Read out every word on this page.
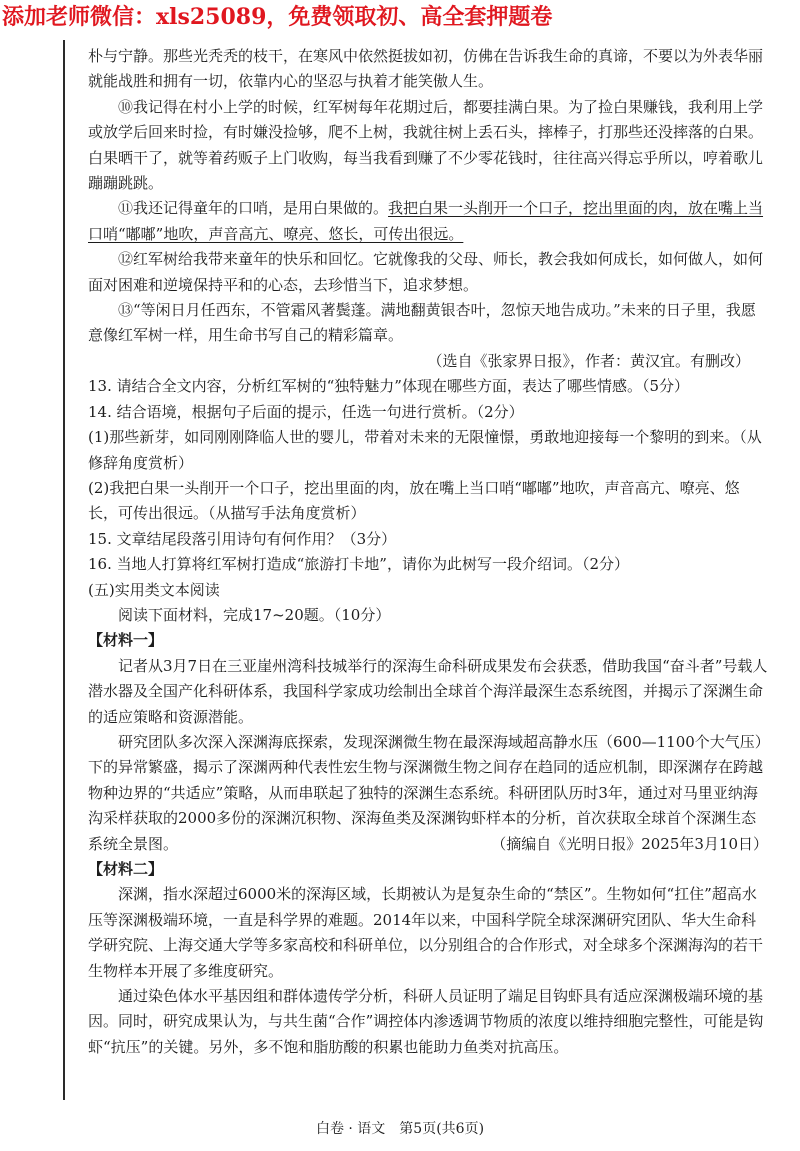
添加老师微信：xls25089，免费领取初、高全套押题卷

朴与宁静。那些光秃秃的枝干，在寒风中依然挺拔如初，仿佛在告诉我生命的真谛，不要以为外表华丽就能战胜和拥有一切，依靠内心的坚忍与执着才能笑傲人生。

⑩我记得在村小上学的时候，红军树每年花期过后，都要挂满白果。为了捡白果赚钱，我利用上学或放学后回来时捡，有时嫌没捡够，爬不上树，我就往树上丢石头，摔棒子，打那些还没摔落的白果。白果晒干了，就等着药贩子上门收购，每当我看到赚了不少零花钱时，往往高兴得忘乎所以，哼着歌儿蹦蹦跳跳。

⑪我还记得童年的口哨，是用白果做的。我把白果一头削开一个口子，挖出里面的肉，放在嘴上当口哨“嘟嘟”地吹，声音高亢、嘹亮、悠长，可传出很远。

⑫红军树给我带来童年的快乐和回忆。它就像我的父母、师长，教会我如何成长，如何做人，如何面对困难和逆境保持平和的心态，去珍惜当下，追求梦想。

⑬“等闲日月任西东，不管霜风著鬓蓬。满地翻黄银杏叶，忽惊天地告成功。”未来的日子里，我愿意像红军树一样，用生命书写自己的精彩篇章。

（选自《张家界日报》，作者：黄汉宜。有删改）

13. 请结合全文内容，分析红军树的“独特魅力”体现在哪些方面，表达了哪些情感。（5分）

14. 结合语境，根据句子后面的提示，任选一句进行赏析。（2分）

(1)那些新芽，如同刚刚降临人世的婴儿，带着对未来的无限憧憬，勇敢地迎接每一个黎明的到来。（从修辞角度赏析）

(2)我把白果一头削开一个口子，挖出里面的肉，放在嘴上当口哨“嘟嘟”地吹，声音高亢、嘹亮、悠长，可传出很远。（从描写手法角度赏析）

15. 文章结尾段落引用诗句有何作用？（3分）

16. 当地人打算将红军树打造成“旅游打卡地”，请你为此树写一段介绍词。（2分）

(五)实用类文本阅读

阅读下面材料，完成17~20题。（10分）

【材料一】

记者从3月7日在三亚崖州湾科技城举行的深海生命科研成果发布会获悉，借助我国“奋斗者”号载人潜水器及全国产化科研体系，我国科学家成功绘制出全球首个海洋最深生态系统图，并揭示了深渊生命的适应策略和资源潜能。

研究团队多次深入深渊海底探索，发现深渊微生物在最深海域超高静水压（600—1100个大气压）下的异常繁盛，揭示了深渊两种代表性宏生物与深渊微生物之间存在趋同的适应机制，即深渊存在跨越物种边界的“共适应”策略，从而串联起了独特的深渊生态系统。科研团队历时3年，通过对马里亚纳海沟采样获取的2000多份的深渊沉积物、深海鱼类及深渊钩虾样本的分析，首次获取全球首个深渊生态系统全景图。	（摘编自《光明日报》2025年3月10日）

【材料二】

深渊，指水深超过6000米的深海区域，长期被认为是复杂生命的“禁区”。生物如何“扛住”超高水压等深渊极端环境，一直是科学界的难题。2014年以来，中国科学院全球深渊研究团队、华大生命科学研究院、上海交通大学等多家高校和科研单位，以分别组合的合作形式，对全球多个深渊海沟的若干生物样本开展了多维度研究。

通过染色体水平基因组和群体遗传学分析，科研人员证明了端足目钩虾具有适应深渊极端环境的基因。同时，研究成果认为，与共生菌“合作”调控体内渗透调节物质的浓度以维持细胞完整性，可能是钩虾“抗压”的关键。另外，多不饱和脂肪酸的积累也能助力鱼类对抗高压。

白卷 · 语文　第5页(共6页)
